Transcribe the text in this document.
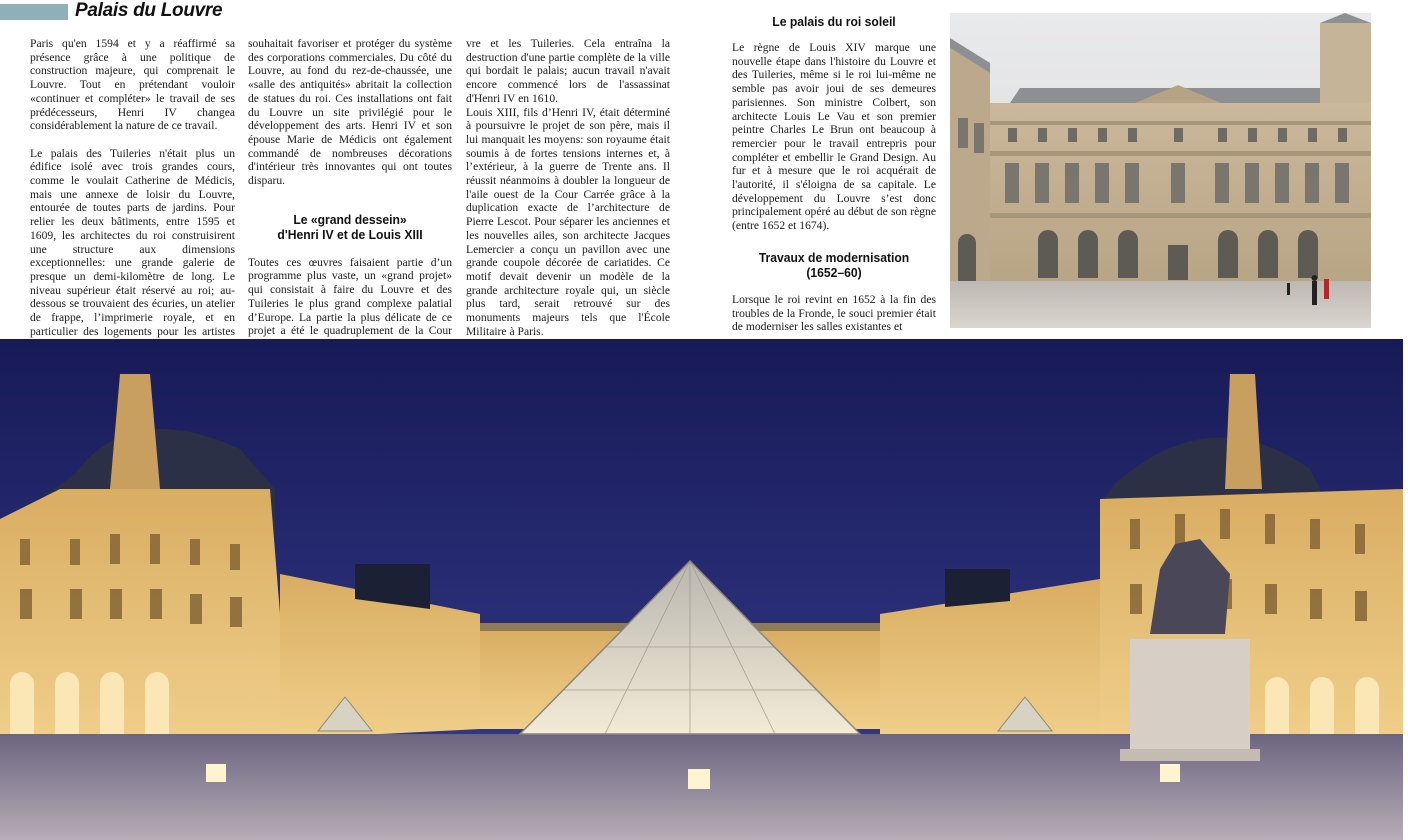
Palais du Louvre

Paris qu'en 1594 et y a réaffirmé sa présence grâce à une politique de construction majeure, qui comprenait le Louvre. Tout en prétendant vouloir «continuer et compléter» le travail de ses prédécesseurs, Henri IV changea considérablement la nature de ce travail.

Le palais des Tuileries n'était plus un édifice isolé avec trois grandes cours, comme le voulait Catherine de Médicis, mais une annexe de loisir du Louvre, entourée de toutes parts de jardins. Pour relier les deux bâtiments, entre 1595 et 1609, les architectes du roi construisirent une structure aux dimensions exceptionnelles: une grande galerie de presque un demi-kilomètre de long. Le niveau supérieur était réservé au roi; au-dessous se trouvaient des écuries, un atelier de frappe, l’imprimerie royale, et en particulier des logements pour les artistes

souhaitait favoriser et protéger du système des corporations commerciales. Du côté du Louvre, au fond du rez-de-chaussée, une «salle des antiquités» abritait la collection de statues du roi. Ces installations ont fait du Louvre un site privilégié pour le développement des arts. Henri IV et son épouse Marie de Médicis ont également commandé de nombreuses décorations d'intérieur très innovantes qui ont toutes disparu.

Le «grand dessein»
d'Henri IV et de Louis XIII

Toutes ces œuvres faisaient partie d’un programme plus vaste, un «grand projet» qui consistait à faire du Louvre et des Tuileries le plus grand complexe palatial d’Europe. La partie la plus délicate de ce projet a été le quadruplement de la Cour

vre et les Tuileries. Cela entraîna la destruction d'une partie complète de la ville qui bordait le palais; aucun travail n'avait encore commencé lors de l'assassinat d'Henri IV en 1610.

Louis XIII, fils d’Henri IV, était déterminé à poursuivre le projet de son père, mais il lui manquait les moyens: son royaume était soumis à de fortes tensions internes et, à l’extérieur, à la guerre de Trente ans. Il réussit néanmoins à doubler la longueur de l'aile ouest de la Cour Carrée grâce à la duplication exacte de l’architecture de Pierre Lescot. Pour séparer les anciennes et les nouvelles ailes, son architecte Jacques Lemercier a conçu un pavillon avec une grande coupole décorée de cariatides. Ce motif devait devenir un modèle de la grande architecture royale qui, un siècle plus tard, serait retrouvé sur des monuments majeurs tels que l'École Militaire à Paris.

Le palais du roi soleil

Le règne de Louis XIV marque une nouvelle étape dans l'histoire du Louvre et des Tuileries, même si le roi lui-même ne semble pas avoir joui de ses demeures parisiennes. Son ministre Colbert, son architecte Louis Le Vau et son premier peintre Charles Le Brun ont beaucoup à remercier pour le travail entrepris pour compléter et embellir le Grand Design. Au fur et à mesure que le roi acquérait de l'autorité, il s'éloigna de sa capitale. Le développement du Louvre s’est donc principalement opéré au début de son règne (entre 1652 et 1674).

Travaux de modernisation
(1652–60)

Lorsque le roi revint en 1652 à la fin des troubles de la Fronde, le souci premier était de moderniser les salles existantes et
